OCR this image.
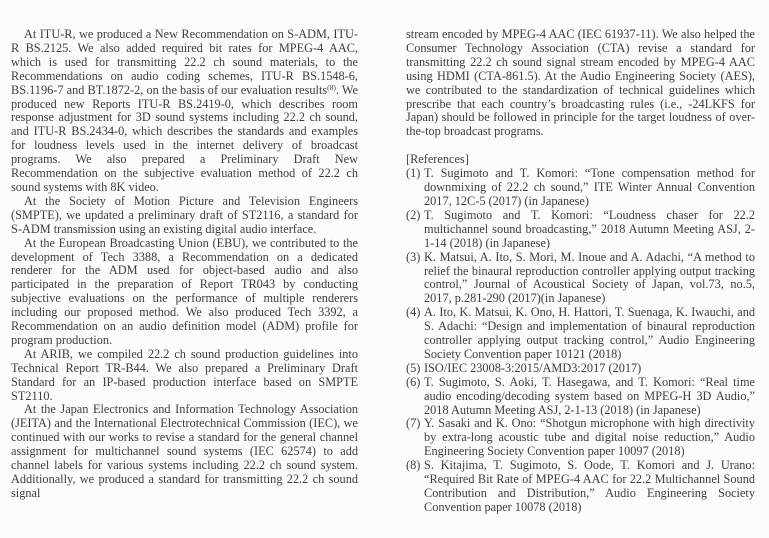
At ITU-R, we produced a New Recommendation on S-ADM, ITU-R BS.2125. We also added required bit rates for MPEG-4 AAC, which is used for transmitting 22.2 ch sound materials, to the Recommendations on audio coding schemes, ITU-R BS.1548-6, BS.1196-7 and BT.1872-2, on the basis of our evaluation results$^{(8)}$. We produced new Reports ITU-R BS.2419-0, which describes room response adjustment for 3D sound systems including 22.2 ch sound, and ITU-R BS.2434-0, which describes the standards and examples for loudness levels used in the internet delivery of broadcast programs. We also prepared a Preliminary Draft New Recommendation on the subjective evaluation method of 22.2 ch sound systems with 8K video.

At the Society of Motion Picture and Television Engineers (SMPTE), we updated a preliminary draft of ST2116, a standard for S-ADM transmission using an existing digital audio interface.

At the European Broadcasting Union (EBU), we contributed to the development of Tech 3388, a Recommendation on a dedicated renderer for the ADM used for object-based audio and also participated in the preparation of Report TR043 by conducting subjective evaluations on the performance of multiple renderers including our proposed method. We also produced Tech 3392, a Recommendation on an audio definition model (ADM) profile for program production.

At ARIB, we compiled 22.2 ch sound production guidelines into Technical Report TR-B44. We also prepared a Preliminary Draft Standard for an IP-based production interface based on SMPTE ST2110.

At the Japan Electronics and Information Technology Association (JEITA) and the International Electrotechnical Commission (IEC), we continued with our works to revise a standard for the general channel assignment for multichannel sound systems (IEC 62574) to add channel labels for various systems including 22.2 ch sound system. Additionally, we produced a standard for transmitting 22.2 ch sound signal

stream encoded by MPEG-4 AAC (IEC 61937-11). We also helped the Consumer Technology Association (CTA) revise a standard for transmitting 22.2 ch sound signal stream encoded by MPEG-4 AAC using HDMI (CTA-861.5). At the Audio Engineering Society (AES), we contributed to the standardization of technical guidelines which prescribe that each country’s broadcasting rules (i.e., -24LKFS for Japan) should be followed in principle for the target loudness of over-the-top broadcast programs.

[References]
(1) T. Sugimoto and T. Komori: “Tone compensation method for downmixing of 22.2 ch sound,” ITE Winter Annual Convention 2017, 12C-5 (2017) (in Japanese)
(2) T. Sugimoto and T. Komori: “Loudness chaser for 22.2 multichannel sound broadcasting,” 2018 Autumn Meeting ASJ, 2-1-14 (2018) (in Japanese)
(3) K. Matsui, A. Ito, S. Mori, M. Inoue and A. Adachi, “A method to relief the binaural reproduction controller applying output tracking control,” Journal of Acoustical Society of Japan, vol.73, no.5, 2017, p.281-290 (2017)(in Japanese)
(4) A. Ito, K. Matsui, K. Ono, H. Hattori, T. Suenaga, K. Iwauchi, and S. Adachi: “Design and implementation of binaural reproduction controller applying output tracking control,” Audio Engineering Society Convention paper 10121 (2018)
(5) ISO/IEC 23008-3:2015/AMD3:2017 (2017)
(6) T. Sugimoto, S. Aoki, T. Hasegawa, and T. Komori: “Real time audio encoding/decoding system based on MPEG-H 3D Audio,” 2018 Autumn Meeting ASJ, 2-1-13 (2018) (in Japanese)
(7) Y. Sasaki and K. Ono: “Shotgun microphone with high directivity by extra-long acoustic tube and digital noise reduction,” Audio Engineering Society Convention paper 10097 (2018)
(8) S. Kitajima, T. Sugimoto, S. Oode, T. Komori and J. Urano: “Required Bit Rate of MPEG-4 AAC for 22.2 Multichannel Sound Contribution and Distribution,” Audio Engineering Society Convention paper 10078 (2018)
